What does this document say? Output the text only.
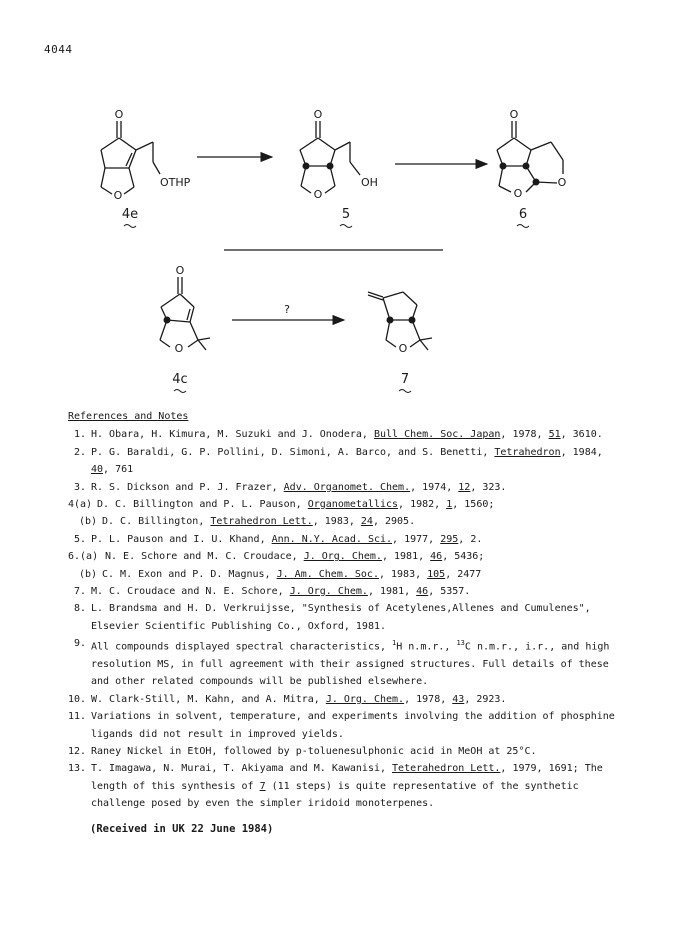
4044
O
O
OTHP
O
O
OH
O
O
O
O
O	O
?
4e	5	6
4c	7
References and Notes
1. H. Obara, H. Kimura, M. Suzuki and J. Onodera, Bull Chem. Soc. Japan, 1978, 51, 3610.
2. P. G. Baraldi, G. P. Pollini, D. Simoni, A. Barco, and S. Benetti, Tetrahedron, 1984,
40, 761
3. R. S. Dickson and P. J. Frazer, Adv. Organomet. Chem., 1974, 12, 323.
4(a) D. C. Billington and P. L. Pauson, Organometallics, 1982, 1, 1560;
(b) D. C. Billington, Tetrahedron Lett., 1983, 24, 2905.
5. P. L. Pauson and I. U. Khand, Ann. N.Y. Acad. Sci., 1977, 295, 2.
6.(a) N. E. Schore and M. C. Croudace, J. Org. Chem., 1981, 46, 5436;
(b) C. M. Exon and P. D. Magnus, J. Am. Chem. Soc., 1983, 105, 2477
7. M. C. Croudace and N. E. Schore, J. Org. Chem., 1981, 46, 5357.
8. L. Brandsma and H. D. Verkruijsse, "Synthesis of Acetylenes,Allenes and Cumulenes",
Elsevier Scientific Publishing Co., Oxford, 1981.
9. All compounds displayed spectral characteristics, $^1$H n.m.r., $^{13}$C n.m.r., i.r., and high
resolution MS, in full agreement with their assigned structures. Full details of these
and other related compounds will be published elsewhere.
10. W. Clark-Still, M. Kahn, and A. Mitra, J. Org. Chem., 1978, 43, 2923.
11. Variations in solvent, temperature, and experiments involving the addition of phosphine
ligands did not result in improved yields.
12. Raney Nickel in EtOH, followed by p-toluenesulphonic acid in MeOH at 25°C.
13. T. Imagawa, N. Murai, T. Akiyama and M. Kawanisi, Teterahedron Lett., 1979, 1691; The
length of this synthesis of 7 (11 steps) is quite representative of the synthetic
challenge posed by even the simpler iridoid monoterpenes.
(Received in UK 22 June 1984)
